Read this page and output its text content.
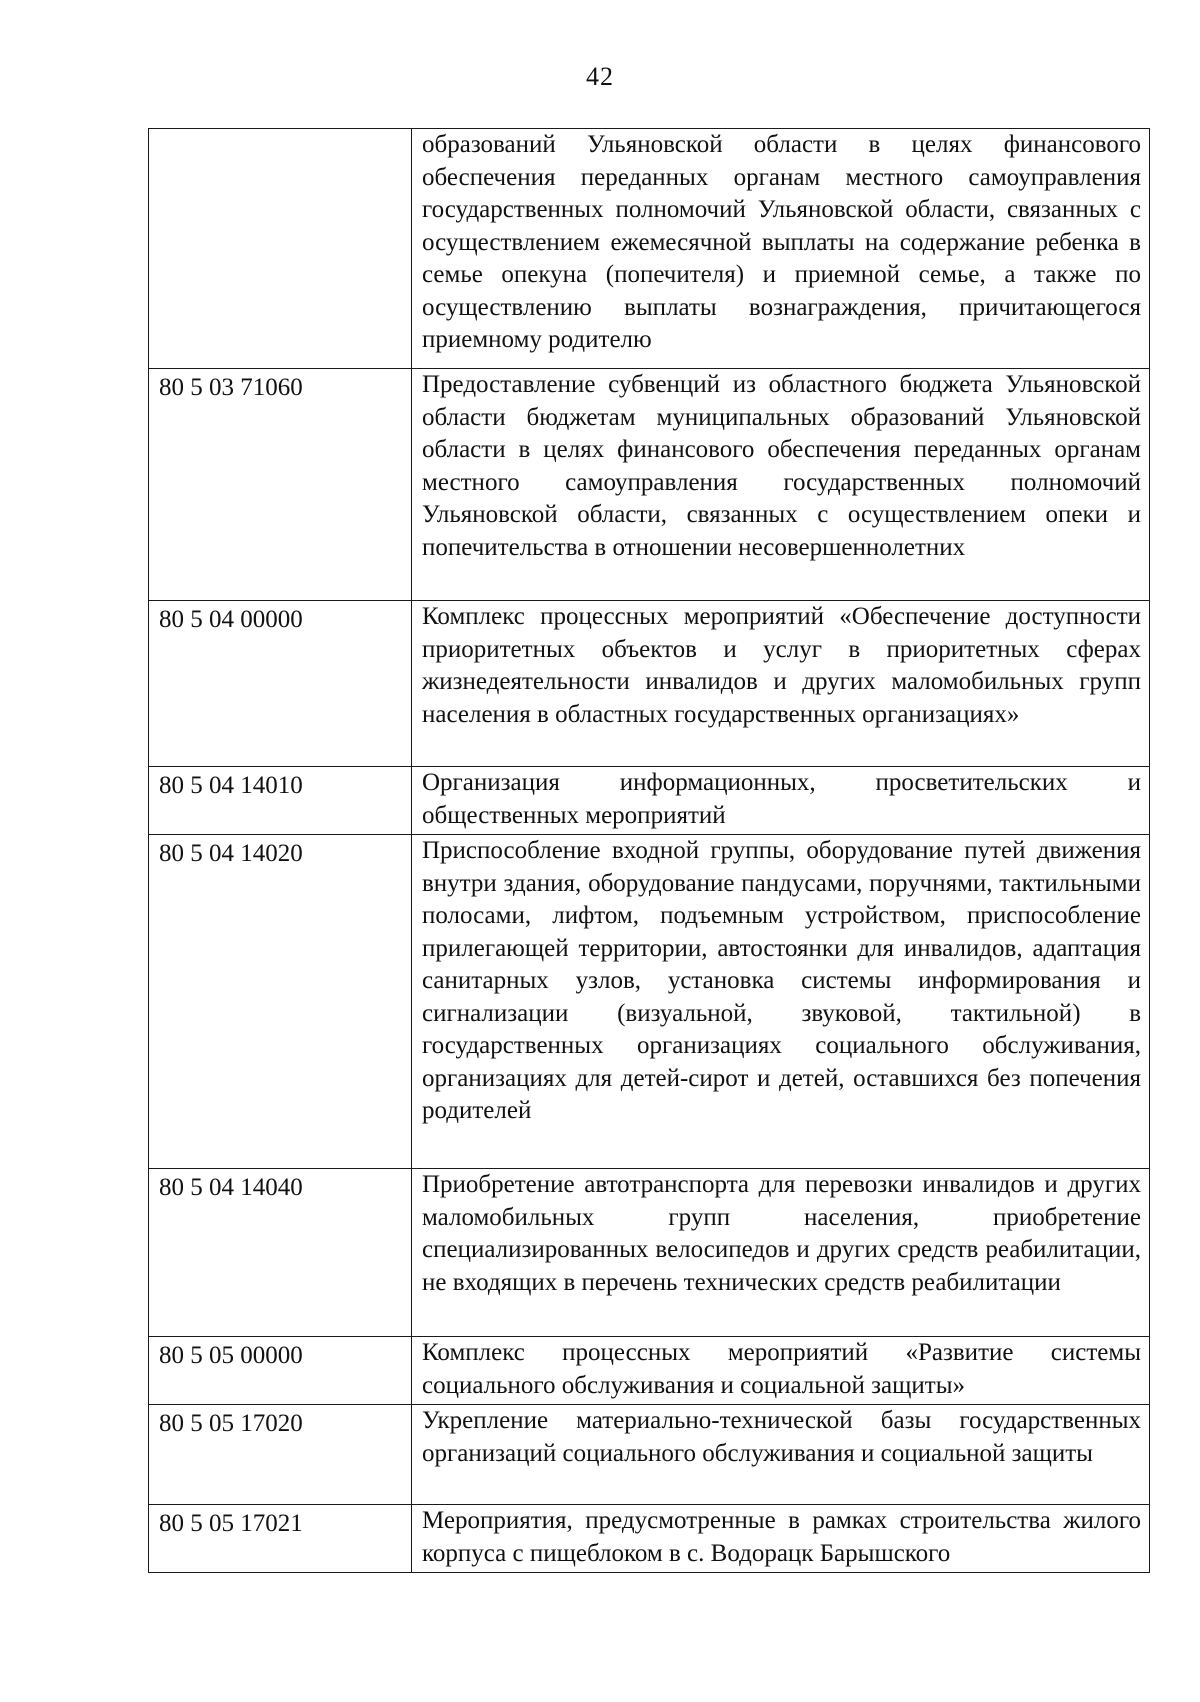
42
	образований Ульяновской области в целях финансового обеспечения переданных органам местного самоуправления государственных полномочий Ульяновской области, связанных с осуществлением ежемесячной выплаты на содержание ребенка в семье опекуна (попечителя) и приемной семье, а также по осуществлению выплаты вознаграждения, причитающегося приемному родителю
80 5 03 71060	Предоставление субвенций из областного бюджета Ульяновской области бюджетам муниципальных образований Ульяновской области в целях финансового обеспечения переданных органам местного самоуправления государственных полномочий Ульяновской области, связанных с осуществлением опеки и попечительства в отношении несовершеннолетних
80 5 04 00000	Комплекс процессных мероприятий «Обеспечение доступности приоритетных объектов и услуг в приоритетных сферах жизнедеятельности инвалидов и других маломобильных групп населения в областных государственных организациях»
80 5 04 14010	Организация информационных, просветительских и общественных мероприятий
80 5 04 14020	Приспособление входной группы, оборудование путей движения внутри здания, оборудование пандусами, поручнями, тактильными полосами, лифтом, подъемным устройством, приспособление прилегающей территории, автостоянки для инвалидов, адаптация санитарных узлов, установка системы информирования и сигнализации (визуальной, звуковой, тактильной) в государственных организациях социального обслуживания, организациях для детей-сирот и детей, оставшихся без попечения родителей
80 5 04 14040	Приобретение автотранспорта для перевозки инвалидов и других маломобильных групп населения, приобретение специализированных велосипедов и других средств реабилитации, не входящих в перечень технических средств реабилитации
80 5 05 00000	Комплекс процессных мероприятий «Развитие системы социального обслуживания и социальной защиты»
80 5 05 17020	Укрепление материально-технической базы государственных организаций социального обслуживания и социальной защиты
80 5 05 17021	Мероприятия, предусмотренные в рамках строительства жилого корпуса с пищеблоком в с. Водорацк Барышского
